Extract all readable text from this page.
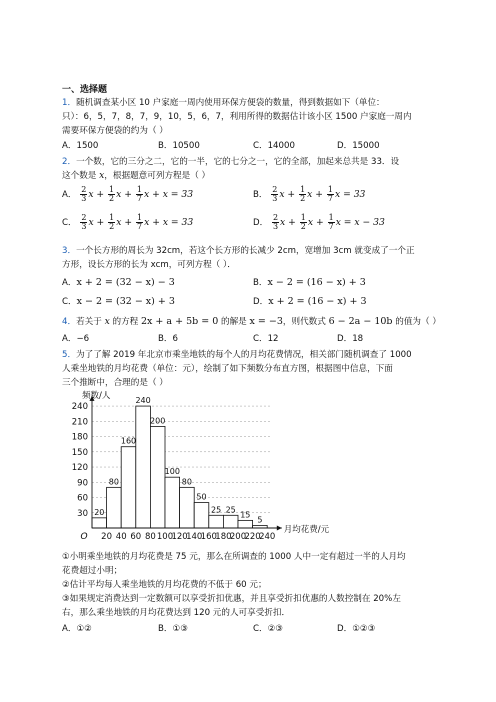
一、选择题
1．随机调查某小区 10 户家庭一周内使用环保方便袋的数量，得到数据如下（单位：
只）：6，5，7，8，7，9，10，5，6，7，利用所得的数据估计该小区 1500 户家庭一周内
需要环保方便袋的约为（ ）
A．1500	B．10500	C．14000	D．15000
2．一个数，它的三分之二，它的一半，它的七分之一，它的全部，加起来总共是 33．设
这个数是 x，根据题意可列方程是（ ）
A． $\frac{2}{3}$ $x + \frac{1}{2}$ $x + \frac{1}{7}$ x + x = 33	B． $\frac{2}{3}$ $x + \frac{1}{2}$ $x + \frac{1}{7}$ x = 33
C． $\frac{2}{3}$ $x + \frac{1}{2}$ $x + \frac{1}{7}$ x + x = 33	D． $\frac{2}{3}$ $x + \frac{1}{2}$ $x + \frac{1}{7}$ x = x − 33
3．一个长方形的周长为 32cm，若这个长方形的长减少 2cm，宽增加 3cm 就变成了一个正
方形，设长方形的长为 xcm，可列方程（ ）．
A．x + 2 = (32 − x) − 3	B．x − 2 = (16 − x) + 3
C．x − 2 = (32 − x) + 3	D．x + 2 = (16 − x) + 3
4．若关于 x 的方程 2x + a + 5b = 0 的解是 x = −3，则代数式 6 − 2a − 10b 的值为（ ）
A．−6	B．6	C．12	D．18
5．为了了解 2019 年北京市乘坐地铁的每个人的月均花费情况，相关部门随机调查了 1000
人乘坐地铁的月均花费（单位：元），绘制了如下频数分布直方图，根据图中信息，下面
三个推断中，合理的是（ ）
20
80
160
240
200
100
80
50
25 25
15
5
30
60
90
120
150
180
210
240
20 40 60 80 100
120
140
160
180
200
220
240
O
频数/人
月均花费/元
①小明乘坐地铁的月均花费是 75 元，那么在所调查的 1000 人中一定有超过一半的人月均
花费超过小明；
②估计平均每人乘坐地铁的月均花费的不低于 60 元；
③如果规定消费达到一定数额可以享受折扣优惠，并且享受折扣优惠的人数控制在 20%左
右，那么乘坐地铁的月均花费达到 120 元的人可享受折扣．
A．①②	B．①③	C．②③	D．①②③
